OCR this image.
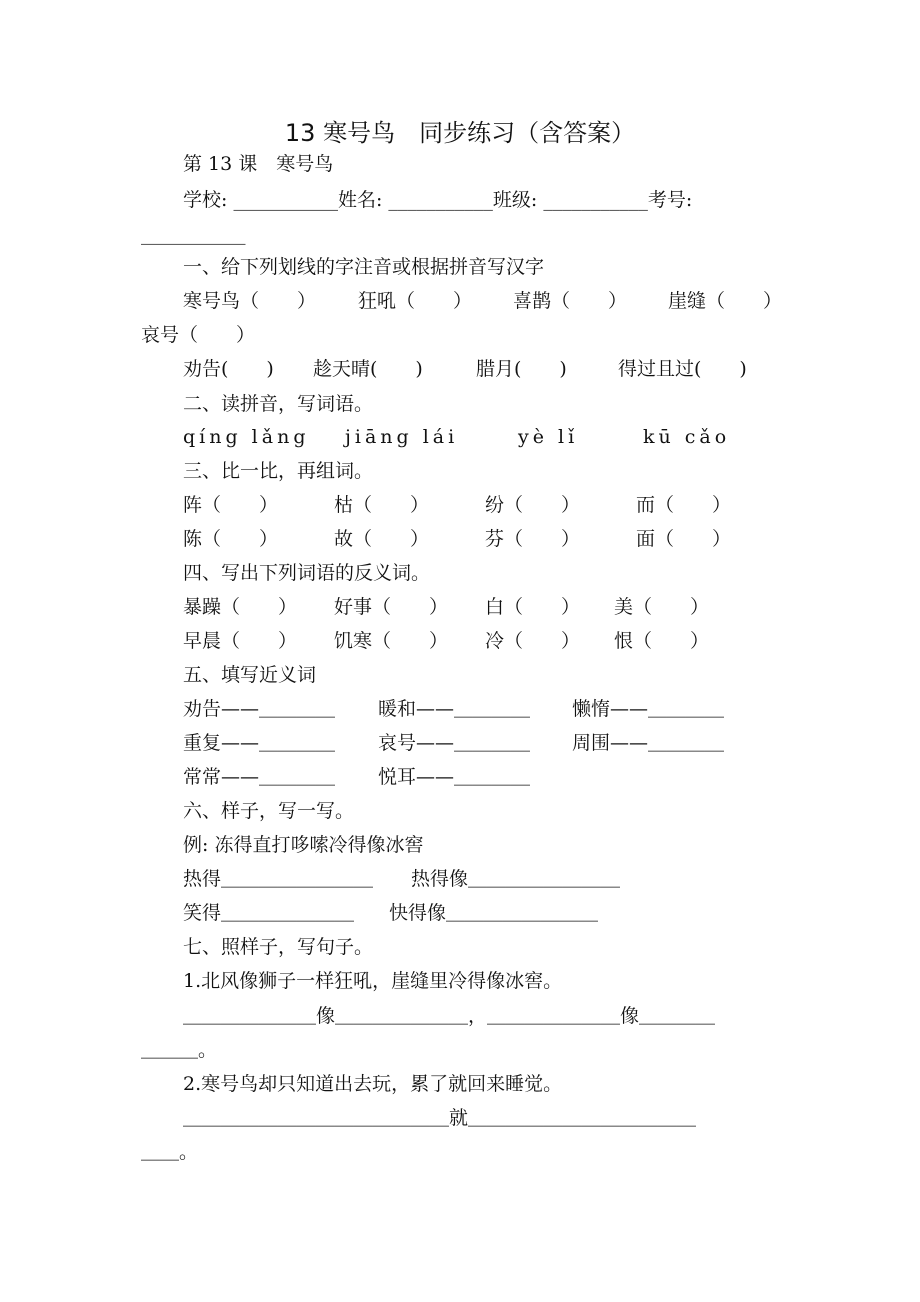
13 寒号鸟　同步练习（含答案）
第 13 课　寒号鸟
学校: ___________姓名: ___________班级: ___________考号:
___________
一、给下列划线的字注音或根据拼音写汉字
寒号鸟（　　） 狂吼（　　） 喜鹊（　　） 崖缝（　　）
哀号（　　）
劝告(　　) 趁天晴(　　)	腊月(　　)	得过且过(　　)
二、读拼音，写词语。
qíng lǎng jiāng lái	yè lǐ	kū cǎo
三、比一比，再组词。
阵（　　）	枯（　　）	纷（　　）	而（　　）
陈（　　）	故（　　）	芬（　　）	面（　　）
四、写出下列词语的反义词。
暴躁（　　） 好事（　　） 白（　　） 美（　　）
早晨（　　） 饥寒（　　） 冷（　　） 恨（　　）
五、填写近义词
劝告——＿＿＿＿ 暖和——＿＿＿＿ 懒惰——＿＿＿＿
重复——＿＿＿＿ 哀号——＿＿＿＿ 周围——＿＿＿＿
常常——＿＿＿＿ 悦耳——＿＿＿＿
六、样子，写一写。
例: 冻得直打哆嗦冷得像冰窖
热得＿＿＿＿＿＿＿＿ 热得像＿＿＿＿＿＿＿＿
笑得＿＿＿＿＿＿＿ 快得像＿＿＿＿＿＿＿＿
七、照样子，写句子。
1.北风像狮子一样狂吼，崖缝里冷得像冰窖。
＿＿＿＿＿＿＿像＿＿＿＿＿＿＿，＿＿＿＿＿＿＿像＿＿＿＿
＿＿＿。
2.寒号鸟却只知道出去玩，累了就回来睡觉。
＿＿＿＿＿＿＿＿＿＿＿＿＿＿就＿＿＿＿＿＿＿＿＿＿＿＿
＿＿。
